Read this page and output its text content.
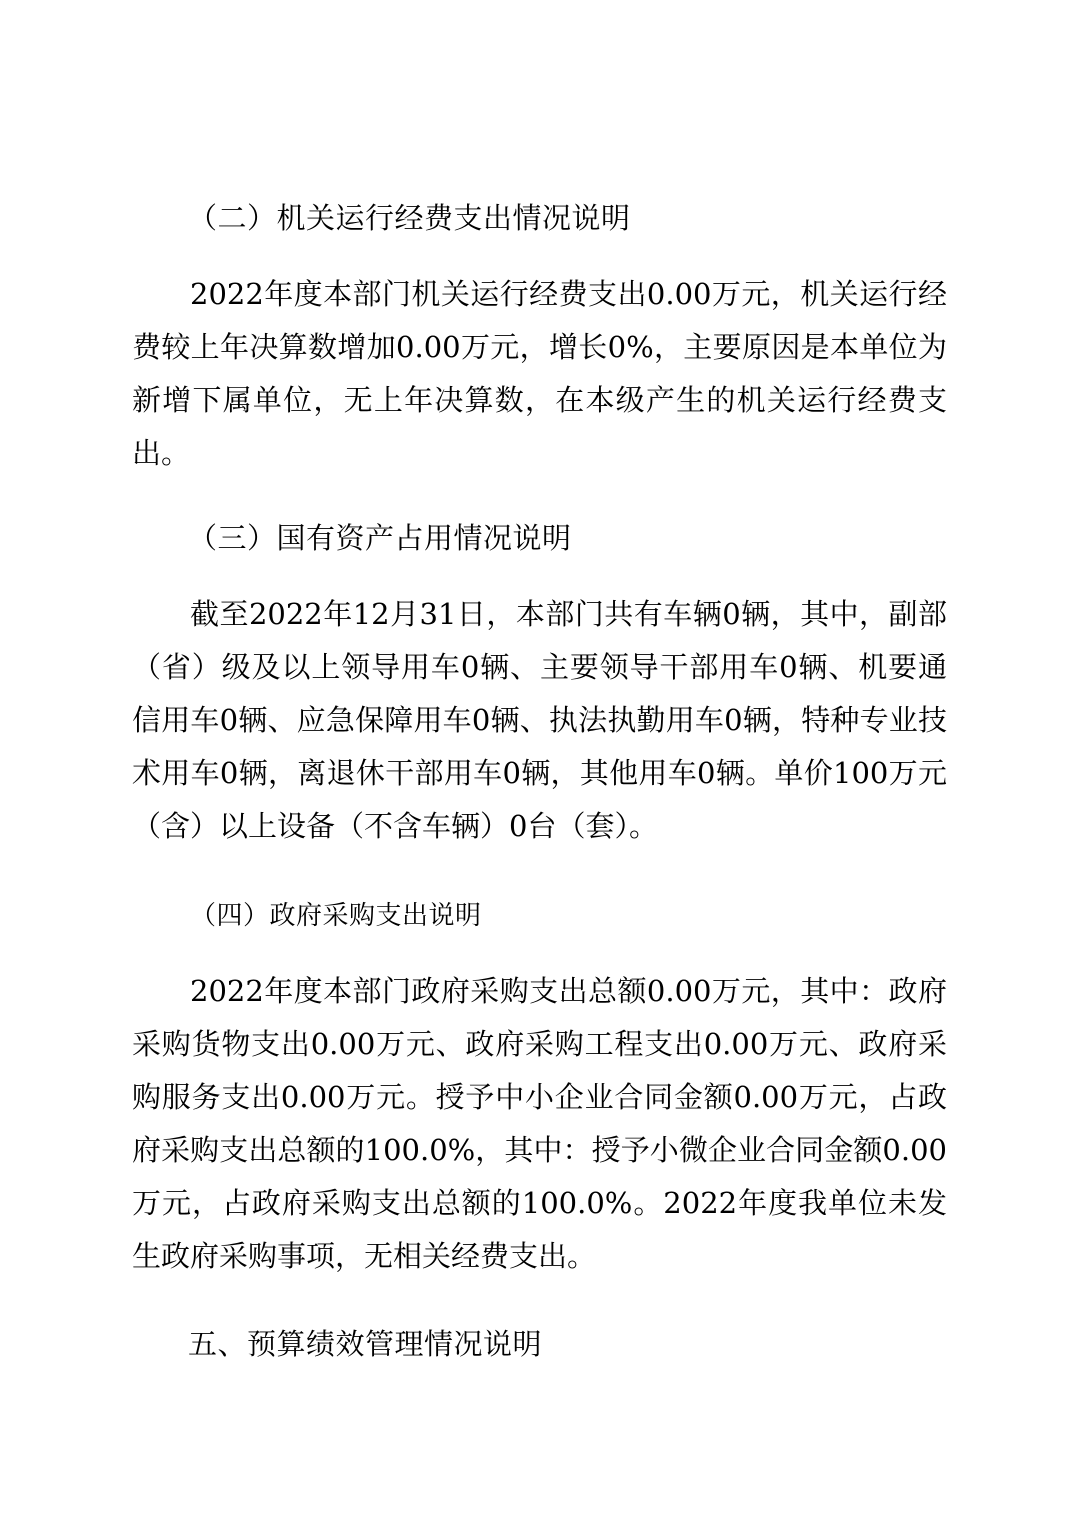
（二）机关运行经费支出情况说明

2022年度本部门机关运行经费支出0.00万元，机关运行经费较上年决算数增加0.00万元，增长0%，主要原因是本单位为新增下属单位，无上年决算数，在本级产生的机关运行经费支出。

（三）国有资产占用情况说明

截至2022年12月31日，本部门共有车辆0辆，其中，副部（省）级及以上领导用车0辆、主要领导干部用车0辆、机要通信用车0辆、应急保障用车0辆、执法执勤用车0辆，特种专业技术用车0辆，离退休干部用车0辆，其他用车0辆。单价100万元（含）以上设备（不含车辆）0台（套）。

（四）政府采购支出说明

2022年度本部门政府采购支出总额0.00万元，其中：政府采购货物支出0.00万元、政府采购工程支出0.00万元、政府采购服务支出0.00万元。授予中小企业合同金额0.00万元，占政府采购支出总额的100.0%，其中：授予小微企业合同金额0.00万元，占政府采购支出总额的100.0%。2022年度我单位未发生政府采购事项，无相关经费支出。

五、预算绩效管理情况说明
